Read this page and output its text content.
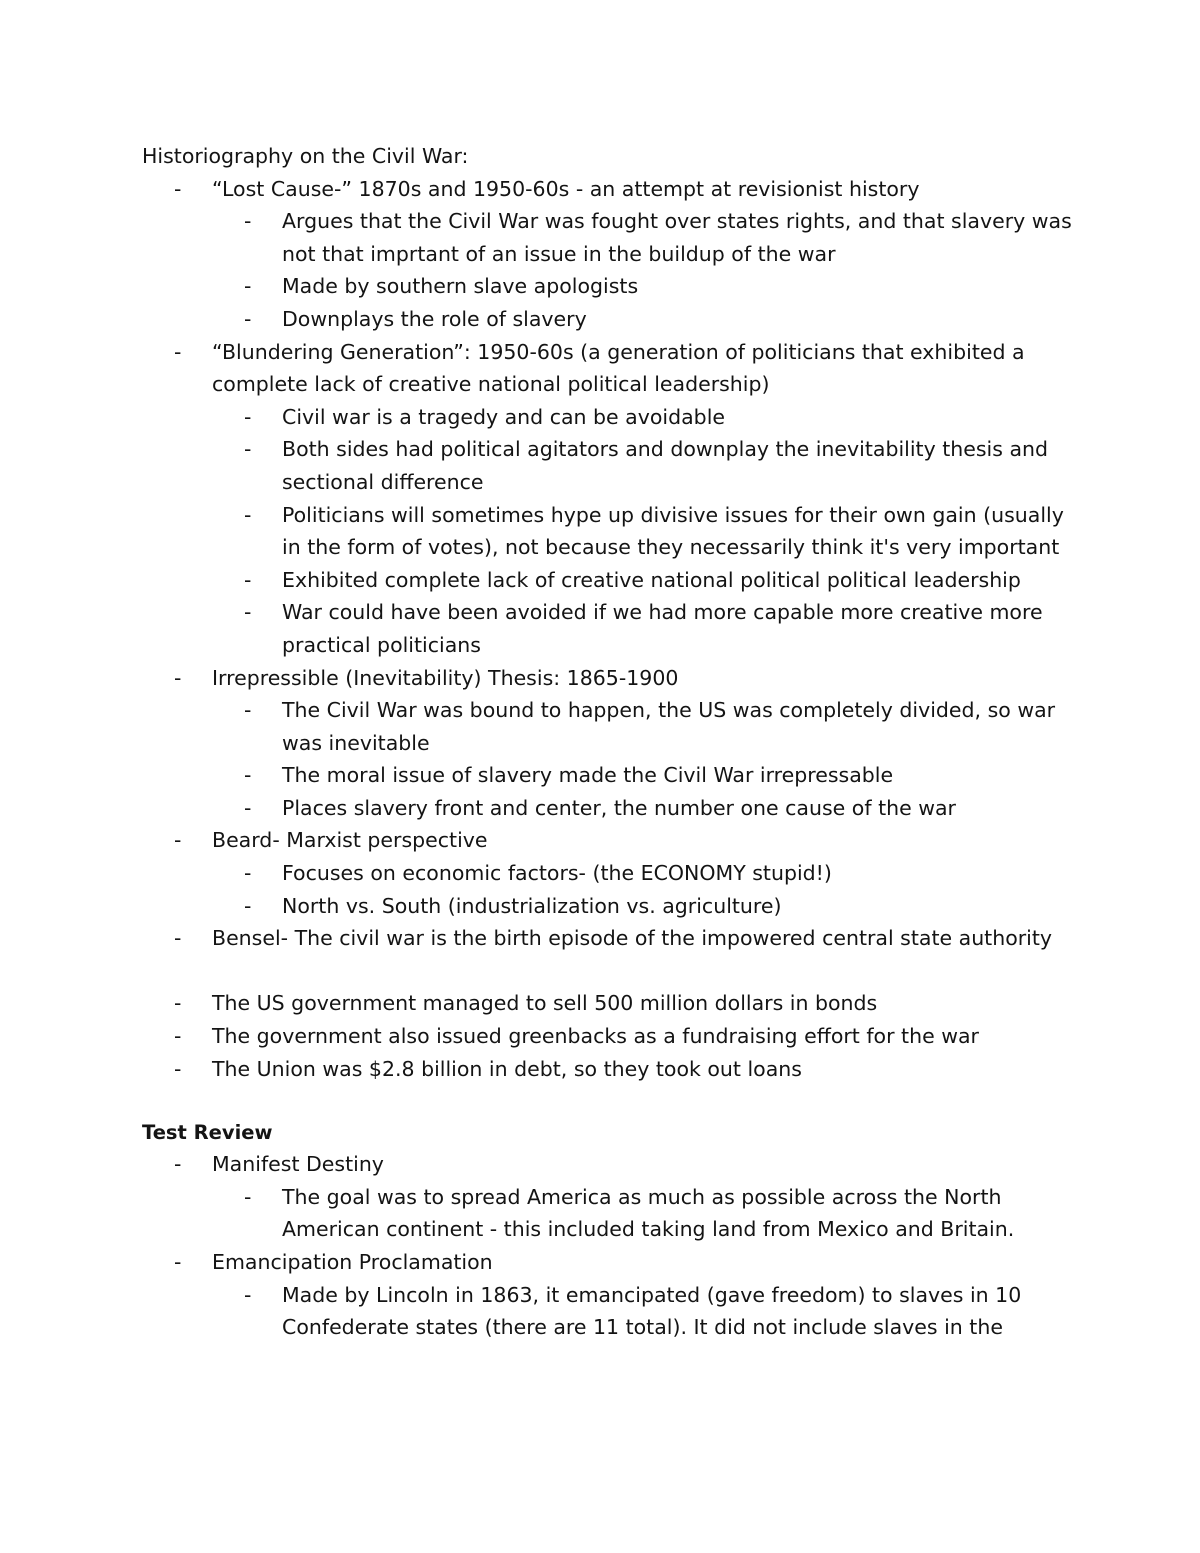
Historiography on the Civil War:
-	“Lost Cause-” 1870s and 1950-60s - an attempt at revisionist history
-	Argues that the Civil War was fought over states rights, and that slavery was not that imprtant of an issue in the buildup of the war
-	Made by southern slave apologists
-	Downplays the role of slavery
-	“Blundering Generation”: 1950-60s (a generation of politicians that exhibited a complete lack of creative national political leadership)
-	Civil war is a tragedy and can be avoidable
-	Both sides had political agitators and downplay the inevitability thesis and sectional difference
-	Politicians will sometimes hype up divisive issues for their own gain (usually in the form of votes), not because they necessarily think it's very important
-	Exhibited complete lack of creative national political political leadership
-	War could have been avoided if we had more capable more creative more practical politicians
-	Irrepressible (Inevitability) Thesis: 1865-1900
-	The Civil War was bound to happen, the US was completely divided, so war was inevitable
-	The moral issue of slavery made the Civil War irrepressable
-	Places slavery front and center, the number one cause of the war
-	Beard- Marxist perspective
-	Focuses on economic factors- (the ECONOMY stupid!)
-	North vs. South (industrialization vs. agriculture)
-	Bensel- The civil war is the birth episode of the impowered central state authority
-	The US government managed to sell 500 million dollars in bonds
-	The government also issued greenbacks as a fundraising effort for the war
-	The Union was $2.8 billion in debt, so they took out loans
Test Review
-	Manifest Destiny
-	The goal was to spread America as much as possible across the North American continent - this included taking land from Mexico and Britain.
-	Emancipation Proclamation
-	Made by Lincoln in 1863, it emancipated (gave freedom) to slaves in 10 Confederate states (there are 11 total). It did not include slaves in the
